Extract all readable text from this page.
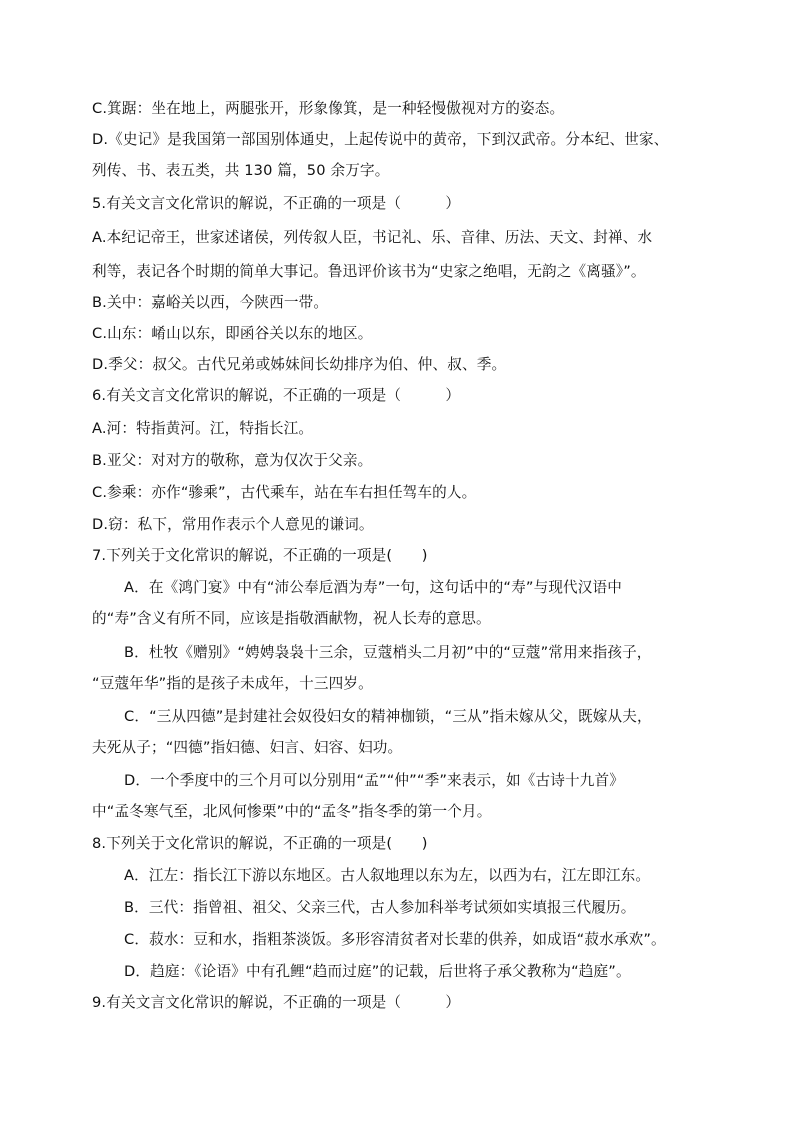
C.箕踞：坐在地上，两腿张开，形象像箕，是一种轻慢傲视对方的姿态。
D.《史记》是我国第一部国别体通史，上起传说中的黄帝，下到汉武帝。分本纪、世家、
列传、书、表五类，共 130 篇，50 余万字。
5.有关文言文化常识的解说，不正确的一项是（　　　）
A.本纪记帝王，世家述诸侯，列传叙人臣，书记礼、乐、音律、历法、天文、封禅、水
利等，表记各个时期的简单大事记。鲁迅评价该书为“史家之绝唱，无韵之《离骚》”。
B.关中：嘉峪关以西，今陕西一带。
C.山东：崤山以东，即函谷关以东的地区。
D.季父：叔父。古代兄弟或姊妹间长幼排序为伯、仲、叔、季。
6.有关文言文化常识的解说，不正确的一项是（　　　）
A.河：特指黄河。江，特指长江。
B.亚父：对对方的敬称，意为仅次于父亲。
C.参乘：亦作“骖乘”，古代乘车，站在车右担任驾车的人。
D.窃：私下，常用作表示个人意见的谦词。
7.下列关于文化常识的解说，不正确的一项是(　　)
A．在《鸿门宴》中有“沛公奉卮酒为寿”一句，这句话中的“寿”与现代汉语中
的“寿”含义有所不同，应该是指敬酒献物，祝人长寿的意思。
B．杜牧《赠别》“娉娉袅袅十三余，豆蔻梢头二月初”中的“豆蔻”常用来指孩子，
“豆蔻年华”指的是孩子未成年，十三四岁。
C．“三从四德”是封建社会奴役妇女的精神枷锁，“三从”指未嫁从父，既嫁从夫，
夫死从子；“四德”指妇德、妇言、妇容、妇功。
D．一个季度中的三个月可以分别用“孟”“仲”“季”来表示，如《古诗十九首》
中“孟冬寒气至，北风何惨栗”中的“孟冬”指冬季的第一个月。
8.下列关于文化常识的解说，不正确的一项是(　　)
A．江左：指长江下游以东地区。古人叙地理以东为左，以西为右，江左即江东。
B．三代：指曾祖、祖父、父亲三代，古人参加科举考试须如实填报三代履历。
C．菽水：豆和水，指粗茶淡饭。多形容清贫者对长辈的供养，如成语“菽水承欢”。
D．趋庭：《论语》中有孔鲤“趋而过庭”的记载，后世将子承父教称为“趋庭”。
9.有关文言文化常识的解说，不正确的一项是（　　　）
